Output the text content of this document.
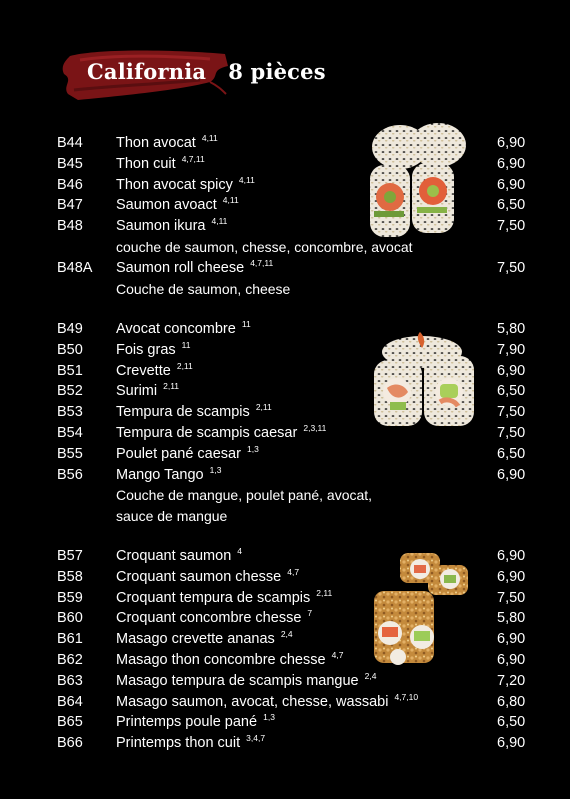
California 8 pièces
B44 Thon avocat $^{4,11}$	6,90
B45 Thon cuit $^{4,7,11}$	6,90
B46 Thon avocat spicy $^{4,11}$	6,90
B47 Saumon avoact $^{4,11}$	6,50
B48 Saumon ikura $^{4,11}$	7,50
couche de saumon, chesse, concombre, avocat
B48A Saumon roll cheese $^{4,7,11}$	7,50
Couche de saumon, cheese
B49 Avocat concombre $^{11}$	5,80
B50 Fois gras $^{11}$	7,90
B51 Crevette $^{2,11}$	6,90
B52 Surimi $^{2,11}$	6,50
B53 Tempura de scampis $^{2,11}$	7,50
B54 Tempura de scampis caesar $^{2,3,11}$	7,50
B55 Poulet pané caesar $^{1,3}$	6,50
B56 Mango Tango $^{1,3}$	6,90
Couche de mangue, poulet pané, avocat,
sauce de mangue
B57 Croquant saumon $^4$	6,90
B58 Croquant saumon chesse $^{4,7}$	6,90
B59 Croquant tempura de scampis $^{2,11}$	7,50
B60 Croquant concombre chesse $^7$	5,80
B61 Masago crevette ananas $^{2,4}$	6,90
B62 Masago thon concombre chesse $^{4,7}$	6,90
B63 Masago tempura de scampis mangue $^{2,4}$	7,20
B64 Masago saumon, avocat, chesse, wassabi $^{4,7,10}$	6,80
B65 Printemps poule pané $^{1,3}$	6,50
B66 Printemps thon cuit $^{3,4,7}$	6,90
